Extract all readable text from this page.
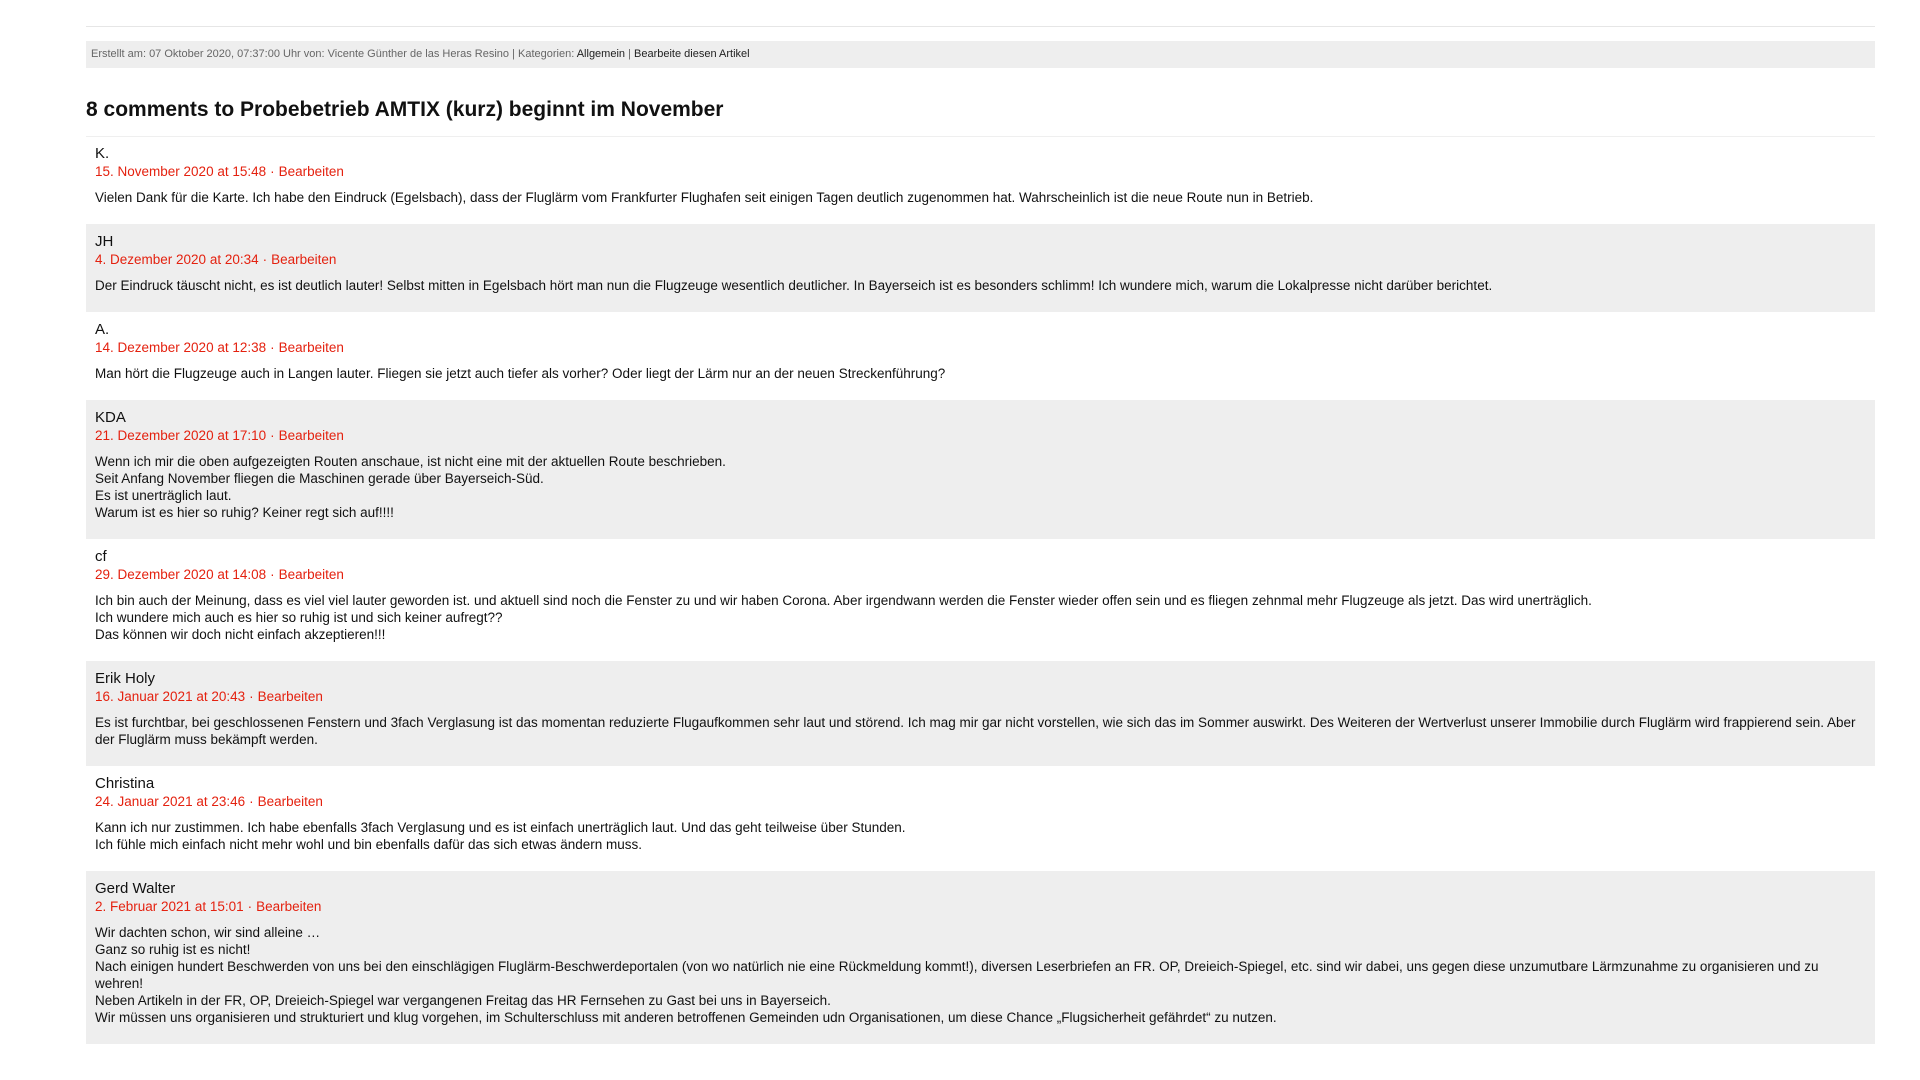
Erstellt am: 07 Oktober 2020, 07:37:00 Uhr von: Vicente Günther de las Heras Resino | Kategorien: Allgemein | Bearbeite diesen Artikel
8 comments to Probebetrieb AMTIX (kurz) beginnt im November
K.
15. November 2020 at 15:48 · Bearbeiten
Vielen Dank für die Karte. Ich habe den Eindruck (Egelsbach), dass der Fluglärm vom Frankfurter Flughafen seit einigen Tagen deutlich zugenommen hat. Wahrscheinlich ist die neue Route nun in Betrieb.
JH
4. Dezember 2020 at 20:34 · Bearbeiten
Der Eindruck täuscht nicht, es ist deutlich lauter! Selbst mitten in Egelsbach hört man nun die Flugzeuge wesentlich deutlicher. In Bayerseich ist es besonders schlimm! Ich wundere mich, warum die Lokalpresse nicht darüber berichtet.
A.
14. Dezember 2020 at 12:38 · Bearbeiten
Man hört die Flugzeuge auch in Langen lauter. Fliegen sie jetzt auch tiefer als vorher? Oder liegt der Lärm nur an der neuen Streckenführung?
KDA
21. Dezember 2020 at 17:10 · Bearbeiten
Wenn ich mir die oben aufgezeigten Routen anschaue, ist nicht eine mit der aktuellen Route beschrieben.
Seit Anfang November fliegen die Maschinen gerade über Bayerseich-Süd.
Es ist unerträglich laut.
Warum ist es hier so ruhig? Keiner regt sich auf!!!!
cf
29. Dezember 2020 at 14:08 · Bearbeiten
Ich bin auch der Meinung, dass es viel viel lauter geworden ist. und aktuell sind noch die Fenster zu und wir haben Corona. Aber irgendwann werden die Fenster wieder offen sein und es fliegen zehnmal mehr Flugzeuge als jetzt. Das wird unerträglich.
Ich wundere mich auch es hier so ruhig ist und sich keiner aufregt??
Das können wir doch nicht einfach akzeptieren!!!
Erik Holy
16. Januar 2021 at 20:43 · Bearbeiten
Es ist furchtbar, bei geschlossenen Fenstern und 3fach Verglasung ist das momentan reduzierte Flugaufkommen sehr laut und störend. Ich mag mir gar nicht vorstellen, wie sich das im Sommer auswirkt. Des Weiteren der Wertverlust unserer Immobilie durch Fluglärm wird frappierend sein. Aber der Fluglärm muss bekämpft werden.
Christina
24. Januar 2021 at 23:46 · Bearbeiten
Kann ich nur zustimmen. Ich habe ebenfalls 3fach Verglasung und es ist einfach unerträglich laut. Und das geht teilweise über Stunden.
Ich fühle mich einfach nicht mehr wohl und bin ebenfalls dafür das sich etwas ändern muss.
Gerd Walter
2. Februar 2021 at 15:01 · Bearbeiten
Wir dachten schon, wir sind alleine …
Ganz so ruhig ist es nicht!
Nach einigen hundert Beschwerden von uns bei den einschlägigen Fluglärm-Beschwerdeportalen (von wo natürlich nie eine Rückmeldung kommt!), diversen Leserbriefen an FR. OP, Dreieich-Spiegel, etc. sind wir dabei, uns gegen diese unzumutbare Lärmzunahme zu organisieren und zu wehren!
Neben Artikeln in der FR, OP, Dreieich-Spiegel war vergangenen Freitag das HR Fernsehen zu Gast bei uns in Bayerseich.
Wir müssen uns organisieren und strukturiert und klug vorgehen, im Schulterschluss mit anderen betroffenen Gemeinden udn Organisationen, um diese Chance „Flugsicherheit gefährdet“ zu nutzen.
